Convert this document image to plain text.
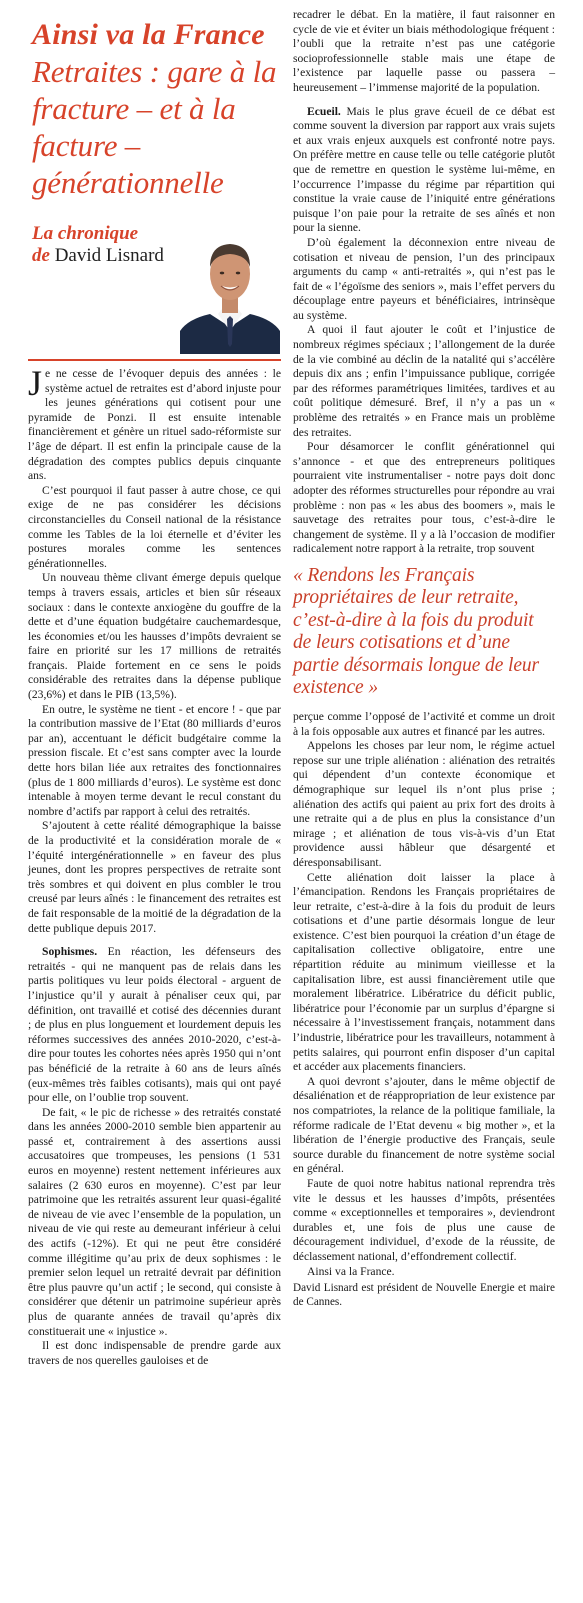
Ainsi va la France
Retraites : gare à la fracture – et à la facture – générationnelle
La chronique
de David Lisnard

Je ne cesse de l’évoquer depuis des années : le système actuel de retraites est d’abord injuste pour les jeunes générations qui cotisent pour une pyramide de Ponzi. Il est ensuite intenable financièrement et génère un rituel sado-réformiste sur l’âge de départ. Il est enfin la principale cause de la dégradation des comptes publics depuis cinquante ans.

C’est pourquoi il faut passer à autre chose, ce qui exige de ne pas considérer les décisions circonstancielles du Conseil national de la résistance comme les Tables de la loi éternelle et d’éviter les postures morales comme les sentences générationnelles.

Un nouveau thème clivant émerge depuis quelque temps à travers essais, articles et bien sûr réseaux sociaux : dans le contexte anxiogène du gouffre de la dette et d’une équation budgétaire cauchemardesque, les économies et/ou les hausses d’impôts devraient se faire en priorité sur les 17 millions de retraités français. Plaide fortement en ce sens le poids considérable des retraites dans la dépense publique (23,6%) et dans le PIB (13,5%).

En outre, le système ne tient - et encore ! - que par la contribution massive de l’Etat (80 milliards d’euros par an), accentuant le déficit budgétaire comme la pression fiscale. Et c’est sans compter avec la lourde dette hors bilan liée aux retraites des fonctionnaires (plus de 1 800 milliards d’euros). Le système est donc intenable à moyen terme devant le recul constant du nombre d’actifs par rapport à celui des retraités.

S’ajoutent à cette réalité démographique la baisse de la productivité et la considération morale de « l’équité intergénérationnelle » en faveur des plus jeunes, dont les propres perspectives de retraite sont très sombres et qui doivent en plus combler le trou creusé par leurs aînés : le financement des retraites est de fait responsable de la moitié de la dégradation de la dette publique depuis 2017.

Sophismes. En réaction, les défenseurs des retraités - qui ne manquent pas de relais dans les partis politiques vu leur poids électoral - arguent de l’injustice qu’il y aurait à pénaliser ceux qui, par définition, ont travaillé et cotisé des décennies durant ; de plus en plus longuement et lourdement depuis les réformes successives des années 2010-2020, c’est-à-dire pour toutes les cohortes nées après 1950 qui n’ont pas bénéficié de la retraite à 60 ans de leurs aînés (eux-mêmes très faibles cotisants), mais qui ont payé pour elle, on l’oublie trop souvent.

De fait, « le pic de richesse » des retraités constaté dans les années 2000-2010 semble bien appartenir au passé et, contrairement à des assertions aussi accusatoires que trompeuses, les pensions (1 531 euros en moyenne) restent nettement inférieures aux salaires (2 630 euros en moyenne). C’est par leur patrimoine que les retraités assurent leur quasi-égalité de niveau de vie avec l’ensemble de la population, un niveau de vie qui reste au demeurant inférieur à celui des actifs (-12%). Et qui ne peut être considéré comme illégitime qu’au prix de deux sophismes : le premier selon lequel un retraité devrait par définition être plus pauvre qu’un actif ; le second, qui consiste à considérer que détenir un patrimoine supérieur après plus de quarante années de travail qu’après dix constituerait une « injustice ».

Il est donc indispensable de prendre garde aux travers de nos querelles gauloises et de

recadrer le débat. En la matière, il faut raisonner en cycle de vie et éviter un biais méthodologique fréquent : l’oubli que la retraite n’est pas une catégorie socioprofessionnelle stable mais une étape de l’existence par laquelle passe ou passera – heureusement – l’immense majorité de la population.

Ecueil. Mais le plus grave écueil de ce débat est comme souvent la diversion par rapport aux vrais sujets et aux vrais enjeux auxquels est confronté notre pays. On préfère mettre en cause telle ou telle catégorie plutôt que de remettre en question le système lui-même, en l’occurrence l’impasse du régime par répartition qui constitue la vraie cause de l’iniquité entre générations puisque l’on paie pour la retraite de ses aînés et non pour la sienne.

D’où également la déconnexion entre niveau de cotisation et niveau de pension, l’un des principaux arguments du camp « anti-retraités », qui n’est pas le fait de « l’égoïsme des seniors », mais l’effet pervers du découplage entre payeurs et bénéficiaires, intrinsèque au système.

A quoi il faut ajouter le coût et l’injustice de nombreux régimes spéciaux ; l’allongement de la durée de la vie combiné au déclin de la natalité qui s’accélère depuis dix ans ; enfin l’impuissance publique, corrigée par des réformes paramétriques limitées, tardives et au coût politique démesuré. Bref, il n’y a pas un « problème des retraités » en France mais un problème des retraites.

Pour désamorcer le conflit générationnel qui s’annonce - et que des entrepreneurs politiques pourraient vite instrumentaliser - notre pays doit donc adopter des réformes structurelles pour répondre au vrai problème : non pas « les abus des boomers », mais le sauvetage des retraites pour tous, c’est-à-dire le changement de système. Il y a là l’occasion de modifier radicalement notre rapport à la retraite, trop souvent

« Rendons les Français propriétaires de leur retraite, c’est-à-dire à la fois du produit de leurs cotisations et d’une partie désormais longue de leur existence »

perçue comme l’opposé de l’activité et comme un droit à la fois opposable aux autres et financé par les autres.

Appelons les choses par leur nom, le régime actuel repose sur une triple aliénation : aliénation des retraités qui dépendent d’un contexte économique et démographique sur lequel ils n’ont plus prise ; aliénation des actifs qui paient au prix fort des droits à une retraite qui a de plus en plus la consistance d’un mirage ; et aliénation de tous vis-à-vis d’un Etat providence aussi hâbleur que désargenté et déresponsabilisant.

Cette aliénation doit laisser la place à l’émancipation. Rendons les Français propriétaires de leur retraite, c’est-à-dire à la fois du produit de leurs cotisations et d’une partie désormais longue de leur existence. C’est bien pourquoi la création d’un étage de capitalisation collective obligatoire, entre une répartition réduite au minimum vieillesse et la capitalisation libre, est aussi financièrement utile que moralement libératrice. Libératrice du déficit public, libératrice pour l’économie par un surplus d’épargne si nécessaire à l’investissement français, notamment dans l’industrie, libératrice pour les travailleurs, notamment à petits salaires, qui pourront enfin disposer d’un capital et accéder aux placements financiers.

A quoi devront s’ajouter, dans le même objectif de désaliénation et de réappropriation de leur existence par nos compatriotes, la relance de la politique familiale, la réforme radicale de l’Etat devenu « big mother », et la libération de l’énergie productive des Français, seule source durable du financement de notre système social en général.

Faute de quoi notre habitus national reprendra très vite le dessus et les hausses d’impôts, présentées comme « exceptionnelles et temporaires », deviendront durables et, une fois de plus une cause de découragement individuel, d’exode de la réussite, de déclassement national, d’effondrement collectif.

Ainsi va la France.

David Lisnard est président de Nouvelle Energie et maire de Cannes.
